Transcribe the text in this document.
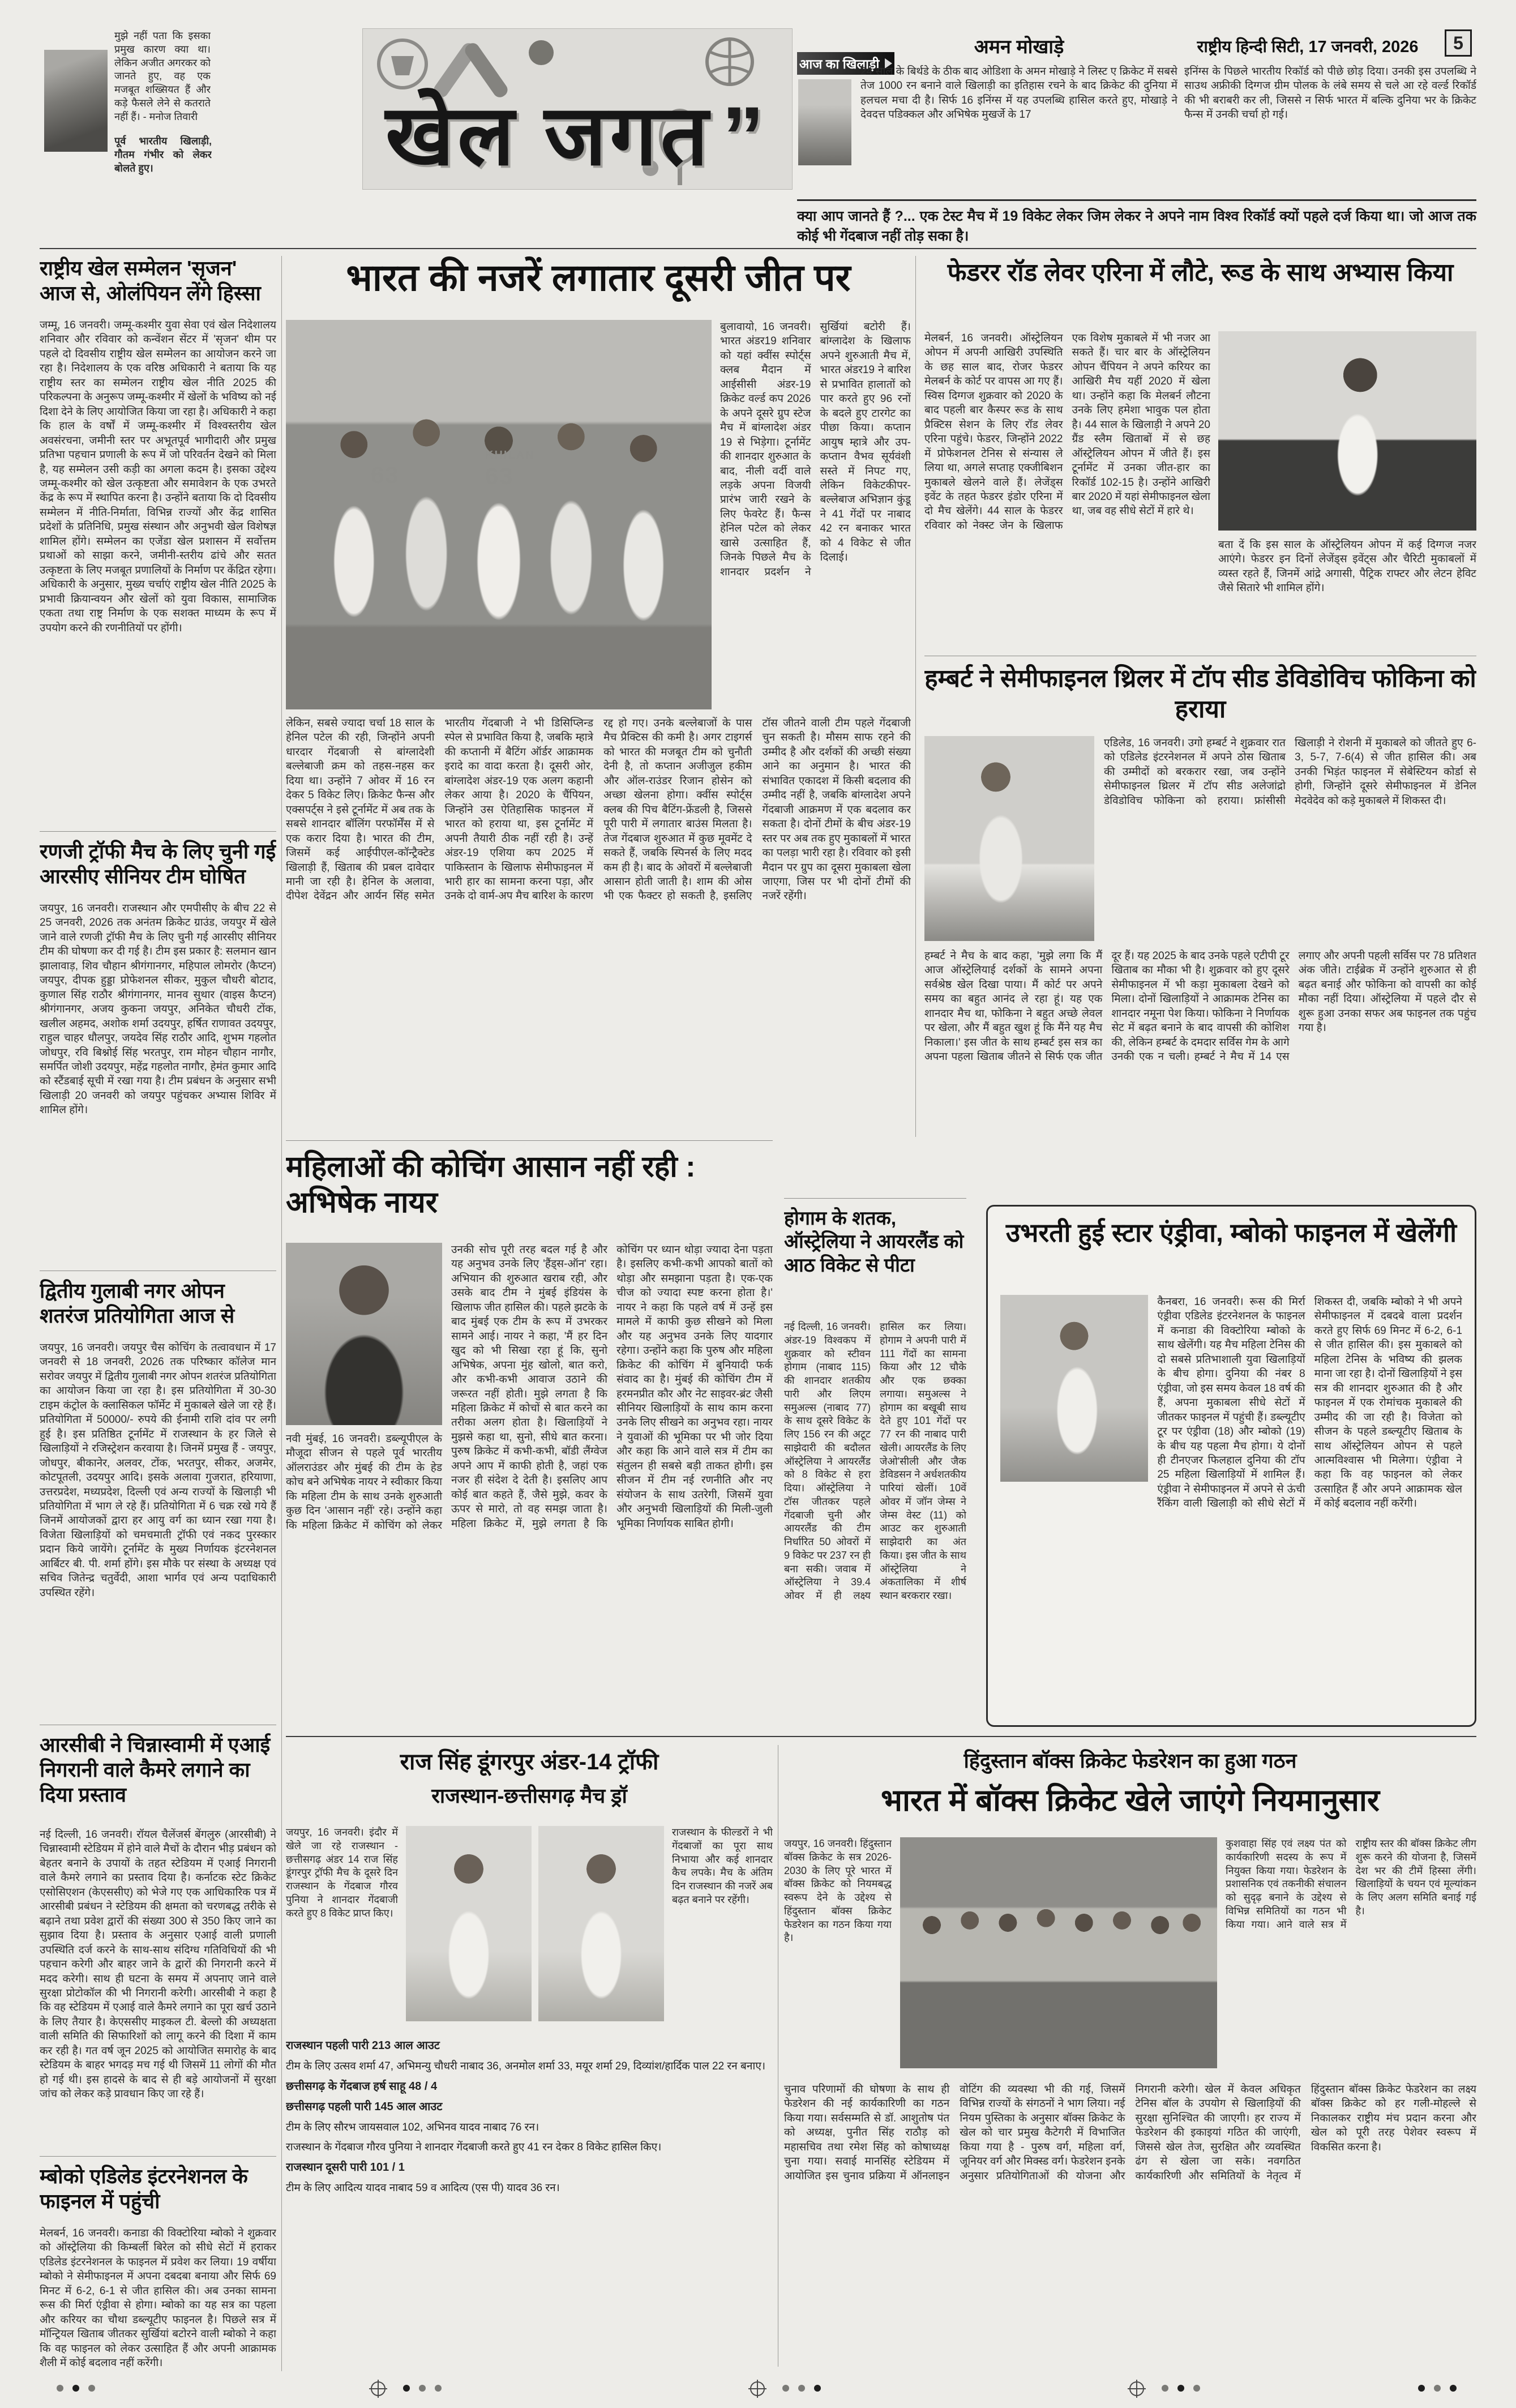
मुझे नहीं पता कि इसका प्रमुख कारण क्या था। लेकिन अजीत अगरकर को जानते हुए, वह एक मजबूत शख्सियत हैं और कड़े फैसले लेने से कतराते नहीं हैं। - मनोज तिवारी
पूर्व भारतीय खिलाड़ी, गौतम गंभीर को लेकर बोलते हुए।	खेल जगत ”
आज का खिलाड़ी
अमन मोखाड़े	राष्ट्रीय हिन्दी सिटी, 17 जनवरी, 2026	5
24 साल के बिर्थडे के ठीक बाद ओडिशा के अमन मोखाड़े ने लिस्ट ए क्रिकेट में सबसे तेज 1000 रन बनाने वाले खिलाड़ी का इतिहास रचने के बाद क्रिकेट की दुनिया में हलचल मचा दी है। सिर्फ 16 इनिंग्स में यह उपलब्धि हासिल करते हुए, मोखाड़े ने देवदत्त पडिक्कल और अभिषेक मुखर्जे के 17
इनिंग्स के पिछले भारतीय रिकॉर्ड को पीछे छोड़ दिया। उनकी इस उपलब्धि ने साउथ अफ्रीकी दिग्गज ग्रीम पोलक के लंबे समय से चले आ रहे वर्ल्ड रिकॉर्ड की भी बराबरी कर ली, जिससे न सिर्फ भारत में बल्कि दुनिया भर के क्रिकेट फैन्स में उनकी चर्चा हो गई।
क्या आप जानते हैं ?... एक टेस्ट मैच में 19 विकेट लेकर जिम लेकर ने अपने नाम विश्व रिकॉर्ड क्यों पहले दर्ज किया था। जो आज तक कोई भी गेंदबाज नहीं तोड़ सका है।
राष्ट्रीय खेल सम्मेलन 'सृजन' आज से, ओलंपियन लेंगे हिस्सा
जम्मू, 16 जनवरी। जम्मू-कश्मीर युवा सेवा एवं खेल निदेशालय शनिवार और रविवार को कन्वेंशन सेंटर में 'सृजन' थीम पर पहले दो दिवसीय राष्ट्रीय खेल सम्मेलन का आयोजन करने जा रहा है। निदेशालय के एक वरिष्ठ अधिकारी ने बताया कि यह राष्ट्रीय स्तर का सम्मेलन राष्ट्रीय खेल नीति 2025 की परिकल्पना के अनुरूप जम्मू-कश्मीर में खेलों के भविष्य को नई दिशा देने के लिए आयोजित किया जा रहा है। अधिकारी ने कहा कि हाल के वर्षों में जम्मू-कश्मीर में विश्वस्तरीय खेल अवसंरचना, जमीनी स्तर पर अभूतपूर्व भागीदारी और प्रमुख प्रतिभा पहचान प्रणाली के रूप में जो परिवर्तन देखने को मिला है, यह सम्मेलन उसी कड़ी का अगला कदम है। इसका उद्देश्य जम्मू-कश्मीर को खेल उत्कृष्टता और समावेशन के एक उभरते केंद्र के रूप में स्थापित करना है। उन्होंने बताया कि दो दिवसीय सम्मेलन में नीति-निर्माता, विभिन्न राज्यों और केंद्र शासित प्रदेशों के प्रतिनिधि, प्रमुख संस्थान और अनुभवी खेल विशेषज्ञ शामिल होंगे। सम्मेलन का एजेंडा खेल प्रशासन में सर्वोत्तम प्रथाओं को साझा करने, जमीनी-स्तरीय ढांचे और सतत उत्कृष्टता के लिए मजबूत प्रणालियों के निर्माण पर केंद्रित रहेगा। अधिकारी के अनुसार, मुख्य चर्चाएं राष्ट्रीय खेल नीति 2025 के प्रभावी क्रियान्वयन और खेलों को युवा विकास, सामाजिक एकता तथा राष्ट्र निर्माण के एक सशक्त माध्यम के रूप में उपयोग करने की रणनीतियों पर होंगी।
रणजी ट्रॉफी मैच के लिए चुनी गई आरसीए सीनियर टीम घोषित
जयपुर, 16 जनवरी। राजस्थान और एमपीसीए के बीच 22 से 25 जनवरी, 2026 तक अनंतम क्रिकेट ग्राउंड, जयपुर में खेले जाने वाले रणजी ट्रॉफी मैच के लिए चुनी गई आरसीए सीनियर टीम की घोषणा कर दी गई है। टीम इस प्रकार है: सलमान खान झालावाड़, शिव चौहान श्रीगंगानगर, महिपाल लोमरोर (कैप्टन) जयपुर, दीपक हुड्डा प्रोफेशनल सीकर, मुकुल चौधरी बोटाद, कुणाल सिंह राठौर श्रीगंगानगर, मानव सुथार (वाइस कैप्टन) श्रीगंगानगर, अजय कुकना जयपुर, अनिकेत चौधरी टोंक, खलील अहमद, अशोक शर्मा उदयपुर, हर्षित राणावत उदयपुर, राहुल चाहर धौलपुर, जयदेव सिंह राठौर आदि, शुभम गहलोत जोधपुर, रवि बिश्नोई सिंह भरतपुर, राम मोहन चौहान नागौर, समर्पित जोशी उदयपुर, महेंद्र गहलोत नागौर, हेमंत कुमार आदि को स्टैंडबाई सूची में रखा गया है। टीम प्रबंधन के अनुसार सभी खिलाड़ी 20 जनवरी को जयपुर पहुंचकर अभ्यास शिविर में शामिल होंगे।
द्वितीय गुलाबी नगर ओपन शतरंज प्रतियोगिता आज से
जयपुर, 16 जनवरी। जयपुर चैस कोचिंग के तत्वावधान में 17 जनवरी से 18 जनवरी, 2026 तक परिष्कार कॉलेज मान सरोवर जयपुर में द्वितीय गुलाबी नगर ओपन शतरंज प्रतियोगिता का आयोजन किया जा रहा है। इस प्रतियोगिता में 30-30 टाइम कंट्रोल के क्लासिकल फॉर्मेट में मुकाबले खेले जा रहे हैं। प्रतियोगिता में 50000/- रुपये की ईनामी राशि दांव पर लगी हुई है। इस प्रतिष्ठित टूर्नामेंट में राजस्थान के हर जिले से खिलाड़ियों ने रजिस्ट्रेशन करवाया है। जिनमें प्रमुख हैं - जयपुर, जोधपुर, बीकानेर, अलवर, टोंक, भरतपुर, सीकर, अजमेर, कोटपूतली, उदयपुर आदि। इसके अलावा गुजरात, हरियाणा, उत्तरप्रदेश, मध्यप्रदेश, दिल्ली एवं अन्य राज्यों के खिलाड़ी भी प्रतियोगिता में भाग ले रहे हैं। प्रतियोगिता में 6 चक्र रखे गये हैं जिनमें आयोजकों द्वारा हर आयु वर्ग का ध्यान रखा गया है। विजेता खिलाड़ियों को चमचमाती ट्रॉफी एवं नकद पुरस्कार प्रदान किये जायेंगे। टूर्नामेंट के मुख्य निर्णायक इंटरनेशनल आर्बिटर बी. पी. शर्मा होंगे। इस मौके पर संस्था के अध्यक्ष एवं सचिव जितेन्द्र चतुर्वेदी, आशा भार्गव एवं अन्य पदाधिकारी उपस्थित रहेंगे।
आरसीबी ने चिन्नास्वामी में एआई निगरानी वाले कैमरे लगाने का दिया प्रस्ताव
नई दिल्ली, 16 जनवरी। रॉयल चैलेंजर्स बेंगलुरु (आरसीबी) ने चिन्नास्वामी स्टेडियम में होने वाले मैचों के दौरान भीड़ प्रबंधन को बेहतर बनाने के उपायों के तहत स्टेडियम में एआई निगरानी वाले कैमरे लगाने का प्रस्ताव दिया है। कर्नाटक स्टेट क्रिकेट एसोसिएशन (केएससीए) को भेजे गए एक आधिकारिक पत्र में आरसीबी प्रबंधन ने स्टेडियम की क्षमता को चरणबद्ध तरीके से बढ़ाने तथा प्रवेश द्वारों की संख्या 300 से 350 किए जाने का सुझाव दिया है। प्रस्ताव के अनुसार एआई वाली प्रणाली उपस्थिति दर्ज करने के साथ-साथ संदिग्ध गतिविधियों की भी पहचान करेगी और बाहर जाने के द्वारों की निगरानी करने में मदद करेगी। साथ ही घटना के समय में अपनाए जाने वाले सुरक्षा प्रोटोकॉल की भी निगरानी करेगी। आरसीबी ने कहा है कि वह स्टेडियम में एआई वाले कैमरे लगाने का पूरा खर्च उठाने के लिए तैयार है। केएससीए माइकल टी. बेल्लो की अध्यक्षता वाली समिति की सिफारिशों को लागू करने की दिशा में काम कर रही है। गत वर्ष जून 2025 को आयोजित समारोह के बाद स्टेडियम के बाहर भगदड़ मच गई थी जिसमें 11 लोगों की मौत हो गई थी। इस हादसे के बाद से ही बड़े आयोजनों में सुरक्षा जांच को लेकर कड़े प्रावधान किए जा रहे हैं।
म्बोको एडिलेड इंटरनेशनल के फाइनल में पहुंची
मेलबर्न, 16 जनवरी। कनाडा की विक्टोरिया म्बोको ने शुक्रवार को ऑस्ट्रेलिया की किम्बर्ली बिरेल को सीधे सेटों में हराकर एडिलेड इंटरनेशनल के फाइनल में प्रवेश कर लिया। 19 वर्षीया म्बोको ने सेमीफाइनल में अपना दबदबा बनाया और सिर्फ 69 मिनट में 6-2, 6-1 से जीत हासिल की। अब उनका सामना रूस की मिर्रा एंड्रीवा से होगा। म्बोको का यह सत्र का पहला और करियर का चौथा डब्ल्यूटीए फाइनल है। पिछले सत्र में मॉन्ट्रियल खिताब जीतकर सुर्खियां बटोरने वाली म्बोको ने कहा कि वह फाइनल को लेकर उत्साहित हैं और अपनी आक्रामक शैली में कोई बदलाव नहीं करेंगी।
भारत की नजरें लगातार दूसरी जीत पर
63
KHILAN
63
बुलावायो, 16 जनवरी। भारत अंडर19 शनिवार को यहां क्वींस स्पोर्ट्स क्लब मैदान में आईसीसी अंडर-19 क्रिकेट वर्ल्ड कप 2026 के अपने दूसरे ग्रुप स्टेज मैच में बांग्लादेश अंडर 19 से भिड़ेगा। टूर्नामेंट की शानदार शुरुआत के बाद, नीली वर्दी वाले लड़के अपना विजयी प्रारंभ जारी रखने के लिए फेवरेट हैं। फैन्स हेनिल पटेल को लेकर खासे उत्साहित हैं, जिनके पिछले मैच के शानदार प्रदर्शन ने सुर्खियां बटोरी हैं। बांग्लादेश के खिलाफ अपने शुरुआती मैच में, भारत अंडर19 ने बारिश से प्रभावित हालातों को पार करते हुए 96 रनों के बदले हुए टारगेट का पीछा किया। कप्तान आयुष म्हात्रे और उप-कप्तान वैभव सूर्यवंशी सस्ते में निपट गए, लेकिन विकेटकीपर-बल्लेबाज अभिज्ञान कुंडू ने 41 गेंदों पर नाबाद 42 रन बनाकर भारत को 4 विकेट से जीत दिलाई।
लेकिन, सबसे ज्यादा चर्चा 18 साल के हेनिल पटेल की रही, जिन्होंने अपनी धारदार गेंदबाजी से बांग्लादेशी बल्लेबाजी क्रम को तहस-नहस कर दिया था। उन्होंने 7 ओवर में 16 रन देकर 5 विकेट लिए। क्रिकेट फैन्स और एक्सपर्ट्स ने इसे टूर्नामेंट में अब तक के सबसे शानदार बॉलिंग परफॉर्मेंस में से एक करार दिया है। भारत की टीम, जिसमें कई आईपीएल-कॉन्ट्रैक्टेड खिलाड़ी हैं, खिताब की प्रबल दावेदार मानी जा रही है। हेनिल के अलावा, दीपेश देवेंद्रन और आर्यन सिंह समेत भारतीय गेंदबाजी ने भी डिसिप्लिन्ड स्पेल से प्रभावित किया है, जबकि म्हात्रे की कप्तानी में बैटिंग ऑर्डर आक्रामक इरादे का वादा करता है। दूसरी ओर, बांग्लादेश अंडर-19 एक अलग कहानी लेकर आया है। 2020 के चैंपियन, जिन्होंने उस ऐतिहासिक फाइनल में भारत को हराया था, इस टूर्नामेंट में अपनी तैयारी ठीक नहीं रही है। उन्हें अंडर-19 एशिया कप 2025 में पाकिस्तान के खिलाफ सेमीफाइनल में भारी हार का सामना करना पड़ा, और उनके दो वार्म-अप मैच बारिश के कारण रद्द हो गए। उनके बल्लेबाजों के पास मैच प्रैक्टिस की कमी है। अगर टाइगर्स को भारत की मजबूत टीम को चुनौती देनी है, तो कप्तान अजीजुल हकीम और ऑल-राउंडर रिजान होसेन को अच्छा खेलना होगा। क्वींस स्पोर्ट्स क्लब की पिच बैटिंग-फ्रेंडली है, जिससे पूरी पारी में लगातार बाउंस मिलता है। तेज गेंदबाज शुरुआत में कुछ मूवमेंट दे सकते हैं, जबकि स्पिनर्स के लिए मदद कम ही है। बाद के ओवरों में बल्लेबाजी आसान होती जाती है। शाम की ओस भी एक फैक्टर हो सकती है, इसलिए टॉस जीतने वाली टीम पहले गेंदबाजी चुन सकती है। मौसम साफ रहने की उम्मीद है और दर्शकों की अच्छी संख्या आने का अनुमान है। भारत की संभावित एकादश में किसी बदलाव की उम्मीद नहीं है, जबकि बांग्लादेश अपने गेंदबाजी आक्रमण में एक बदलाव कर सकता है। दोनों टीमों के बीच अंडर-19 स्तर पर अब तक हुए मुकाबलों में भारत का पलड़ा भारी रहा है। रविवार को इसी मैदान पर ग्रुप का दूसरा मुकाबला खेला जाएगा, जिस पर भी दोनों टीमों की नजरें रहेंगी।
फेडरर रॉड लेवर एरिना में लौटे, रूड के साथ अभ्यास किया
मेलबर्न, 16 जनवरी। ऑस्ट्रेलियन ओपन में अपनी आखिरी उपस्थिति के छह साल बाद, रोजर फेडरर मेलबर्न के कोर्ट पर वापस आ गए हैं। स्विस दिग्गज शुक्रवार को 2020 के बाद पहली बार कैस्पर रूड के साथ प्रैक्टिस सेशन के लिए रॉड लेवर एरिना पहुंचे। फेडरर, जिन्होंने 2022 में प्रोफेशनल टेनिस से संन्यास ले लिया था, अगले सप्ताह एक्जीबिशन मुकाबले खेलने वाले हैं। लेजेंड्स इवेंट के तहत फेडरर इंडोर एरिना में दो मैच खेलेंगे। 44 साल के फेडरर रविवार को नेक्स्ट जेन के खिलाफ एक विशेष मुकाबले में भी नजर आ सकते हैं। चार बार के ऑस्ट्रेलियन ओपन चैंपियन ने अपने करियर का आखिरी मैच यहीं 2020 में खेला था। उन्होंने कहा कि मेलबर्न लौटना उनके लिए हमेशा भावुक पल होता है। 44 साल के खिलाड़ी ने अपने 20 ग्रैंड स्लैम खिताबों में से छह ऑस्ट्रेलियन ओपन में जीते हैं। इस टूर्नामेंट में उनका जीत-हार का रिकॉर्ड 102-15 है। उन्होंने आखिरी बार 2020 में यहां सेमीफाइनल खेला था, जब वह सीधे सेटों में हारे थे।
बता दें कि इस साल के ऑस्ट्रेलियन ओपन में कई दिग्गज नजर आएंगे। फेडरर इन दिनों लेजेंड्स इवेंट्स और चैरिटी मुकाबलों में व्यस्त रहते हैं, जिनमें आंद्रे अगासी, पैट्रिक राफ्टर और लेटन हेविट जैसे सितारे भी शामिल होंगे।
हम्बर्ट ने सेमीफाइनल थ्रिलर में टॉप सीड डेविडोविच फोकिना को हराया
एडिलेड, 16 जनवरी। उगो हम्बर्ट ने शुक्रवार रात को एडिलेड इंटरनेशनल में अपने ठोस खिताब की उम्मीदों को बरकरार रखा, जब उन्होंने सेमीफाइनल थ्रिलर में टॉप सीड अलेजांद्रो डेविडोविच फोकिना को हराया। फ्रांसीसी खिलाड़ी ने रोशनी में मुकाबले को जीतते हुए 6-3, 5-7, 7-6(4) से जीत हासिल की। अब उनकी भिड़ंत फाइनल में सेबेस्टियन कोर्डा से होगी, जिन्होंने दूसरे सेमीफाइनल में डेनिल मेदवेदेव को कड़े मुकाबले में शिकस्त दी।
हम्बर्ट ने मैच के बाद कहा, 'मुझे लगा कि मैं आज ऑस्ट्रेलियाई दर्शकों के सामने अपना सर्वश्रेष्ठ खेल दिखा पाया। मैं कोर्ट पर अपने समय का बहुत आनंद ले रहा हूं। यह एक शानदार मैच था, फोकिना ने बहुत अच्छे लेवल पर खेला, और मैं बहुत खुश हूं कि मैंने यह मैच निकाला।' इस जीत के साथ हम्बर्ट इस सत्र का अपना पहला खिताब जीतने से सिर्फ एक जीत दूर हैं। यह 2025 के बाद उनके पहले एटीपी टूर खिताब का मौका भी है। शुक्रवार को हुए दूसरे सेमीफाइनल में भी कड़ा मुकाबला देखने को मिला। दोनों खिलाड़ियों ने आक्रामक टेनिस का शानदार नमूना पेश किया। फोकिना ने निर्णायक सेट में बढ़त बनाने के बाद वापसी की कोशिश की, लेकिन हम्बर्ट के दमदार सर्विस गेम के आगे उनकी एक न चली। हम्बर्ट ने मैच में 14 एस लगाए और अपनी पहली सर्विस पर 78 प्रतिशत अंक जीते। टाईब्रेक में उन्होंने शुरुआत से ही बढ़त बनाई और फोकिना को वापसी का कोई मौका नहीं दिया। ऑस्ट्रेलिया में पहले दौर से शुरू हुआ उनका सफर अब फाइनल तक पहुंच गया है।
महिलाओं की कोचिंग आसान नहीं रही : अभिषेक नायर
नवी मुंबई, 16 जनवरी। डब्ल्यूपीएल के मौजूदा सीजन से पहले पूर्व भारतीय ऑलराउंडर और मुंबई की टीम के हेड कोच बने अभिषेक नायर ने स्वीकार किया कि महिला टीम के साथ उनके शुरुआती कुछ दिन 'आसान नहीं' रहे। उन्होंने कहा कि महिला क्रिकेट में कोचिंग को लेकर उनकी सोच पूरी तरह बदल गई है और यह अनुभव उनके लिए 'हैंड्स-ऑन' रहा। अभियान की शुरुआत खराब रही, और उसके बाद टीम ने मुंबई इंडियंस के खिलाफ जीत हासिल की। पहले झटके के बाद मुंबई एक टीम के रूप में उभरकर सामने आई। नायर ने कहा, 'मैं हर दिन खुद को भी सिखा रहा हूं कि, सुनो अभिषेक, अपना मुंह खोलो, बात करो, और कभी-कभी आवाज उठाने की जरूरत नहीं होती। मुझे लगता है कि महिला क्रिकेट में कोचों से बात करने का तरीका अलग होता है। खिलाड़ियों ने मुझसे कहा था, सुनो, सीधे बात करना। पुरुष क्रिकेट में कभी-कभी, बॉडी लैंग्वेज अपने आप में काफी होती है, जहां एक नजर ही संदेश दे देती है। इसलिए आप कोई बात कहते हैं, जैसे मुझे, कवर के ऊपर से मारो, तो वह समझ जाता है। महिला क्रिकेट में, मुझे लगता है कि कोचिंग पर ध्यान थोड़ा ज्यादा देना पड़ता है। इसलिए कभी-कभी आपको बातों को थोड़ा और समझाना पड़ता है। एक-एक चीज को ज्यादा स्पष्ट करना होता है।' नायर ने कहा कि पहले वर्ष में उन्हें इस मामले में काफी कुछ सीखने को मिला और यह अनुभव उनके लिए यादगार रहेगा। उन्होंने कहा कि पुरुष और महिला क्रिकेट की कोचिंग में बुनियादी फर्क संवाद का है। मुंबई की कोचिंग टीम में हरमनप्रीत कौर और नेट साइवर-ब्रंट जैसी सीनियर खिलाड़ियों के साथ काम करना उनके लिए सीखने का अनुभव रहा। नायर ने युवाओं की भूमिका पर भी जोर दिया और कहा कि आने वाले सत्र में टीम का संतुलन ही सबसे बड़ी ताकत होगी। इस सीजन में टीम नई रणनीति और नए संयोजन के साथ उतरेगी, जिसमें युवा और अनुभवी खिलाड़ियों की मिली-जुली भूमिका निर्णायक साबित होगी।
होगाम के शतक, ऑस्ट्रेलिया ने आयरलैंड को आठ विकेट से पीटा
नई दिल्ली, 16 जनवरी। अंडर-19 विश्वकप में शुक्रवार को स्टीवन होगाम (नाबाद 115) की शानदार शतकीय पारी और लिएम समुअल्स (नाबाद 77) के साथ दूसरे विकेट के लिए 156 रन की अटूट साझेदारी की बदौलत ऑस्ट्रेलिया ने आयरलैंड को 8 विकेट से हरा दिया। ऑस्ट्रेलिया ने टॉस जीतकर पहले गेंदबाजी चुनी और आयरलैंड की टीम निर्धारित 50 ओवरों में 9 विकेट पर 237 रन ही बना सकी। जवाब में ऑस्ट्रेलिया ने 39.4 ओवर में ही लक्ष्य हासिल कर लिया। होगाम ने अपनी पारी में 111 गेंदों का सामना किया और 12 चौके और एक छक्का लगाया। समुअल्स ने होगाम का बखूबी साथ देते हुए 101 गेंदों पर 77 रन की नाबाद पारी खेली। आयरलैंड के लिए जेओ'सीली और जैक डेविडसन ने अर्धशतकीय पारियां खेलीं। 10वें ओवर में जॉन जेम्स ने जेम्स वेस्ट (11) को आउट कर शुरुआती साझेदारी का अंत किया। इस जीत के साथ ऑस्ट्रेलिया ने अंकतालिका में शीर्ष स्थान बरकरार रखा।
उभरती हुई स्टार एंड्रीवा, म्बोको फाइनल में खेलेंगी
कैनबरा, 16 जनवरी। रूस की मिर्रा एंड्रीवा एडिलेड इंटरनेशनल के फाइनल में कनाडा की विक्टोरिया म्बोको के साथ खेलेंगी। यह मैच महिला टेनिस की दो सबसे प्रतिभाशाली युवा खिलाड़ियों के बीच होगा। दुनिया की नंबर 8 एंड्रीवा, जो इस समय केवल 18 वर्ष की हैं, अपना मुकाबला सीधे सेटों में जीतकर फाइनल में पहुंची हैं। डब्ल्यूटीए टूर पर एंड्रीवा (18) और म्बोको (19) के बीच यह पहला मैच होगा। ये दोनों ही टीनएजर फिलहाल दुनिया की टॉप 25 महिला खिलाड़ियों में शामिल हैं। एंड्रीवा ने सेमीफाइनल में अपने से ऊंची रैंकिंग वाली खिलाड़ी को सीधे सेटों में शिकस्त दी, जबकि म्बोको ने भी अपने सेमीफाइनल में दबदबे वाला प्रदर्शन करते हुए सिर्फ 69 मिनट में 6-2, 6-1 से जीत हासिल की। इस मुकाबले को महिला टेनिस के भविष्य की झलक माना जा रहा है। दोनों खिलाड़ियों ने इस सत्र की शानदार शुरुआत की है और फाइनल में एक रोमांचक मुकाबले की उम्मीद की जा रही है। विजेता को सीजन के पहले डब्ल्यूटीए खिताब के साथ ऑस्ट्रेलियन ओपन से पहले आत्मविश्वास भी मिलेगा। एंड्रीवा ने कहा कि वह फाइनल को लेकर उत्साहित हैं और अपने आक्रामक खेल में कोई बदलाव नहीं करेंगी।
राज सिंह डूंगरपुर अंडर-14 ट्रॉफी
राजस्थान-छत्तीसगढ़ मैच ड्रॉ
जयपुर, 16 जनवरी। इंदौर में खेले जा रहे राजस्थान - छत्तीसगढ़ अंडर 14 राज सिंह डूंगरपुर ट्रॉफी मैच के दूसरे दिन राजस्थान के गेंदबाज गौरव पुनिया ने शानदार गेंदबाजी करते हुए 8 विकेट प्राप्त किए।
राजस्थान के फील्डरों ने भी गेंदबाजों का पूरा साथ निभाया और कई शानदार कैच लपके। मैच के अंतिम दिन राजस्थान की नजरें अब बढ़त बनाने पर रहेंगी।
राजस्थान पहली पारी 213 आल आउट
टीम के लिए उत्सव शर्मा 47, अभिमन्यु चौधरी नाबाद 36, अनमोल शर्मा 33, मयूर शर्मा 29, दिव्यांश/हार्दिक पाल 22 रन बनाए।
छत्तीसगढ़ के गेंदबाज हर्ष साहू 48 / 4
छत्तीसगढ़ पहली पारी 145 आल आउट
टीम के लिए सौरभ जायसवाल 102, अभिनव यादव नाबाद 76 रन।
राजस्थान के गेंदबाज गौरव पुनिया ने शानदार गेंदबाजी करते हुए 41 रन देकर 8 विकेट हासिल किए।
राजस्थान दूसरी पारी 101 / 1
टीम के लिए आदित्य यादव नाबाद 59 व आदित्य (एस पी) यादव 36 रन।
हिंदुस्तान बॉक्स क्रिकेट फेडरेशन का हुआ गठन
भारत में बॉक्स क्रिकेट खेले जाएंगे नियमानुसार
जयपुर, 16 जनवरी। हिंदुस्तान बॉक्स क्रिकेट के सत्र 2026-2030 के लिए पूरे भारत में बॉक्स क्रिकेट को नियमबद्ध स्वरूप देने के उद्देश्य से हिंदुस्तान बॉक्स क्रिकेट फेडरेशन का गठन किया गया है।
कुशवाहा सिंह एवं लक्ष्य पंत को कार्यकारिणी सदस्य के रूप में नियुक्त किया गया। फेडरेशन के प्रशासनिक एवं तकनीकी संचालन को सुदृढ़ बनाने के उद्देश्य से विभिन्न समितियों का गठन भी किया गया। आने वाले सत्र में राष्ट्रीय स्तर की बॉक्स क्रिकेट लीग शुरू करने की योजना है, जिसमें देश भर की टीमें हिस्सा लेंगी। खिलाड़ियों के चयन एवं मूल्यांकन के लिए अलग समिति बनाई गई है।
चुनाव परिणामों की घोषणा के साथ ही फेडरेशन की नई कार्यकारिणी का गठन किया गया। सर्वसम्मति से डॉ. आशुतोष पंत को अध्यक्ष, पुनीत सिंह राठौड़ को महासचिव तथा रमेश सिंह को कोषाध्यक्ष चुना गया। सवाई मानसिंह स्टेडियम में आयोजित इस चुनाव प्रक्रिया में ऑनलाइन वोटिंग की व्यवस्था भी की गई, जिसमें विभिन्न राज्यों के संगठनों ने भाग लिया। नई नियम पुस्तिका के अनुसार बॉक्स क्रिकेट के खेल को चार प्रमुख कैटेगरी में विभाजित किया गया है - पुरुष वर्ग, महिला वर्ग, जूनियर वर्ग और मिक्स्ड वर्ग। फेडरेशन इनके अनुसार प्रतियोगिताओं की योजना और निगरानी करेगी। खेल में केवल अधिकृत टेनिस बॉल के उपयोग से खिलाड़ियों की सुरक्षा सुनिश्चित की जाएगी। हर राज्य में फेडरेशन की इकाइयां गठित की जाएंगी, जिससे खेल तेज, सुरक्षित और व्यवस्थित ढंग से खेला जा सके। नवगठित कार्यकारिणी और समितियों के नेतृत्व में हिंदुस्तान बॉक्स क्रिकेट फेडरेशन का लक्ष्य बॉक्स क्रिकेट को हर गली-मोहल्ले से निकालकर राष्ट्रीय मंच प्रदान करना और खेल को पूरी तरह पेशेवर स्वरूप में विकसित करना है।
